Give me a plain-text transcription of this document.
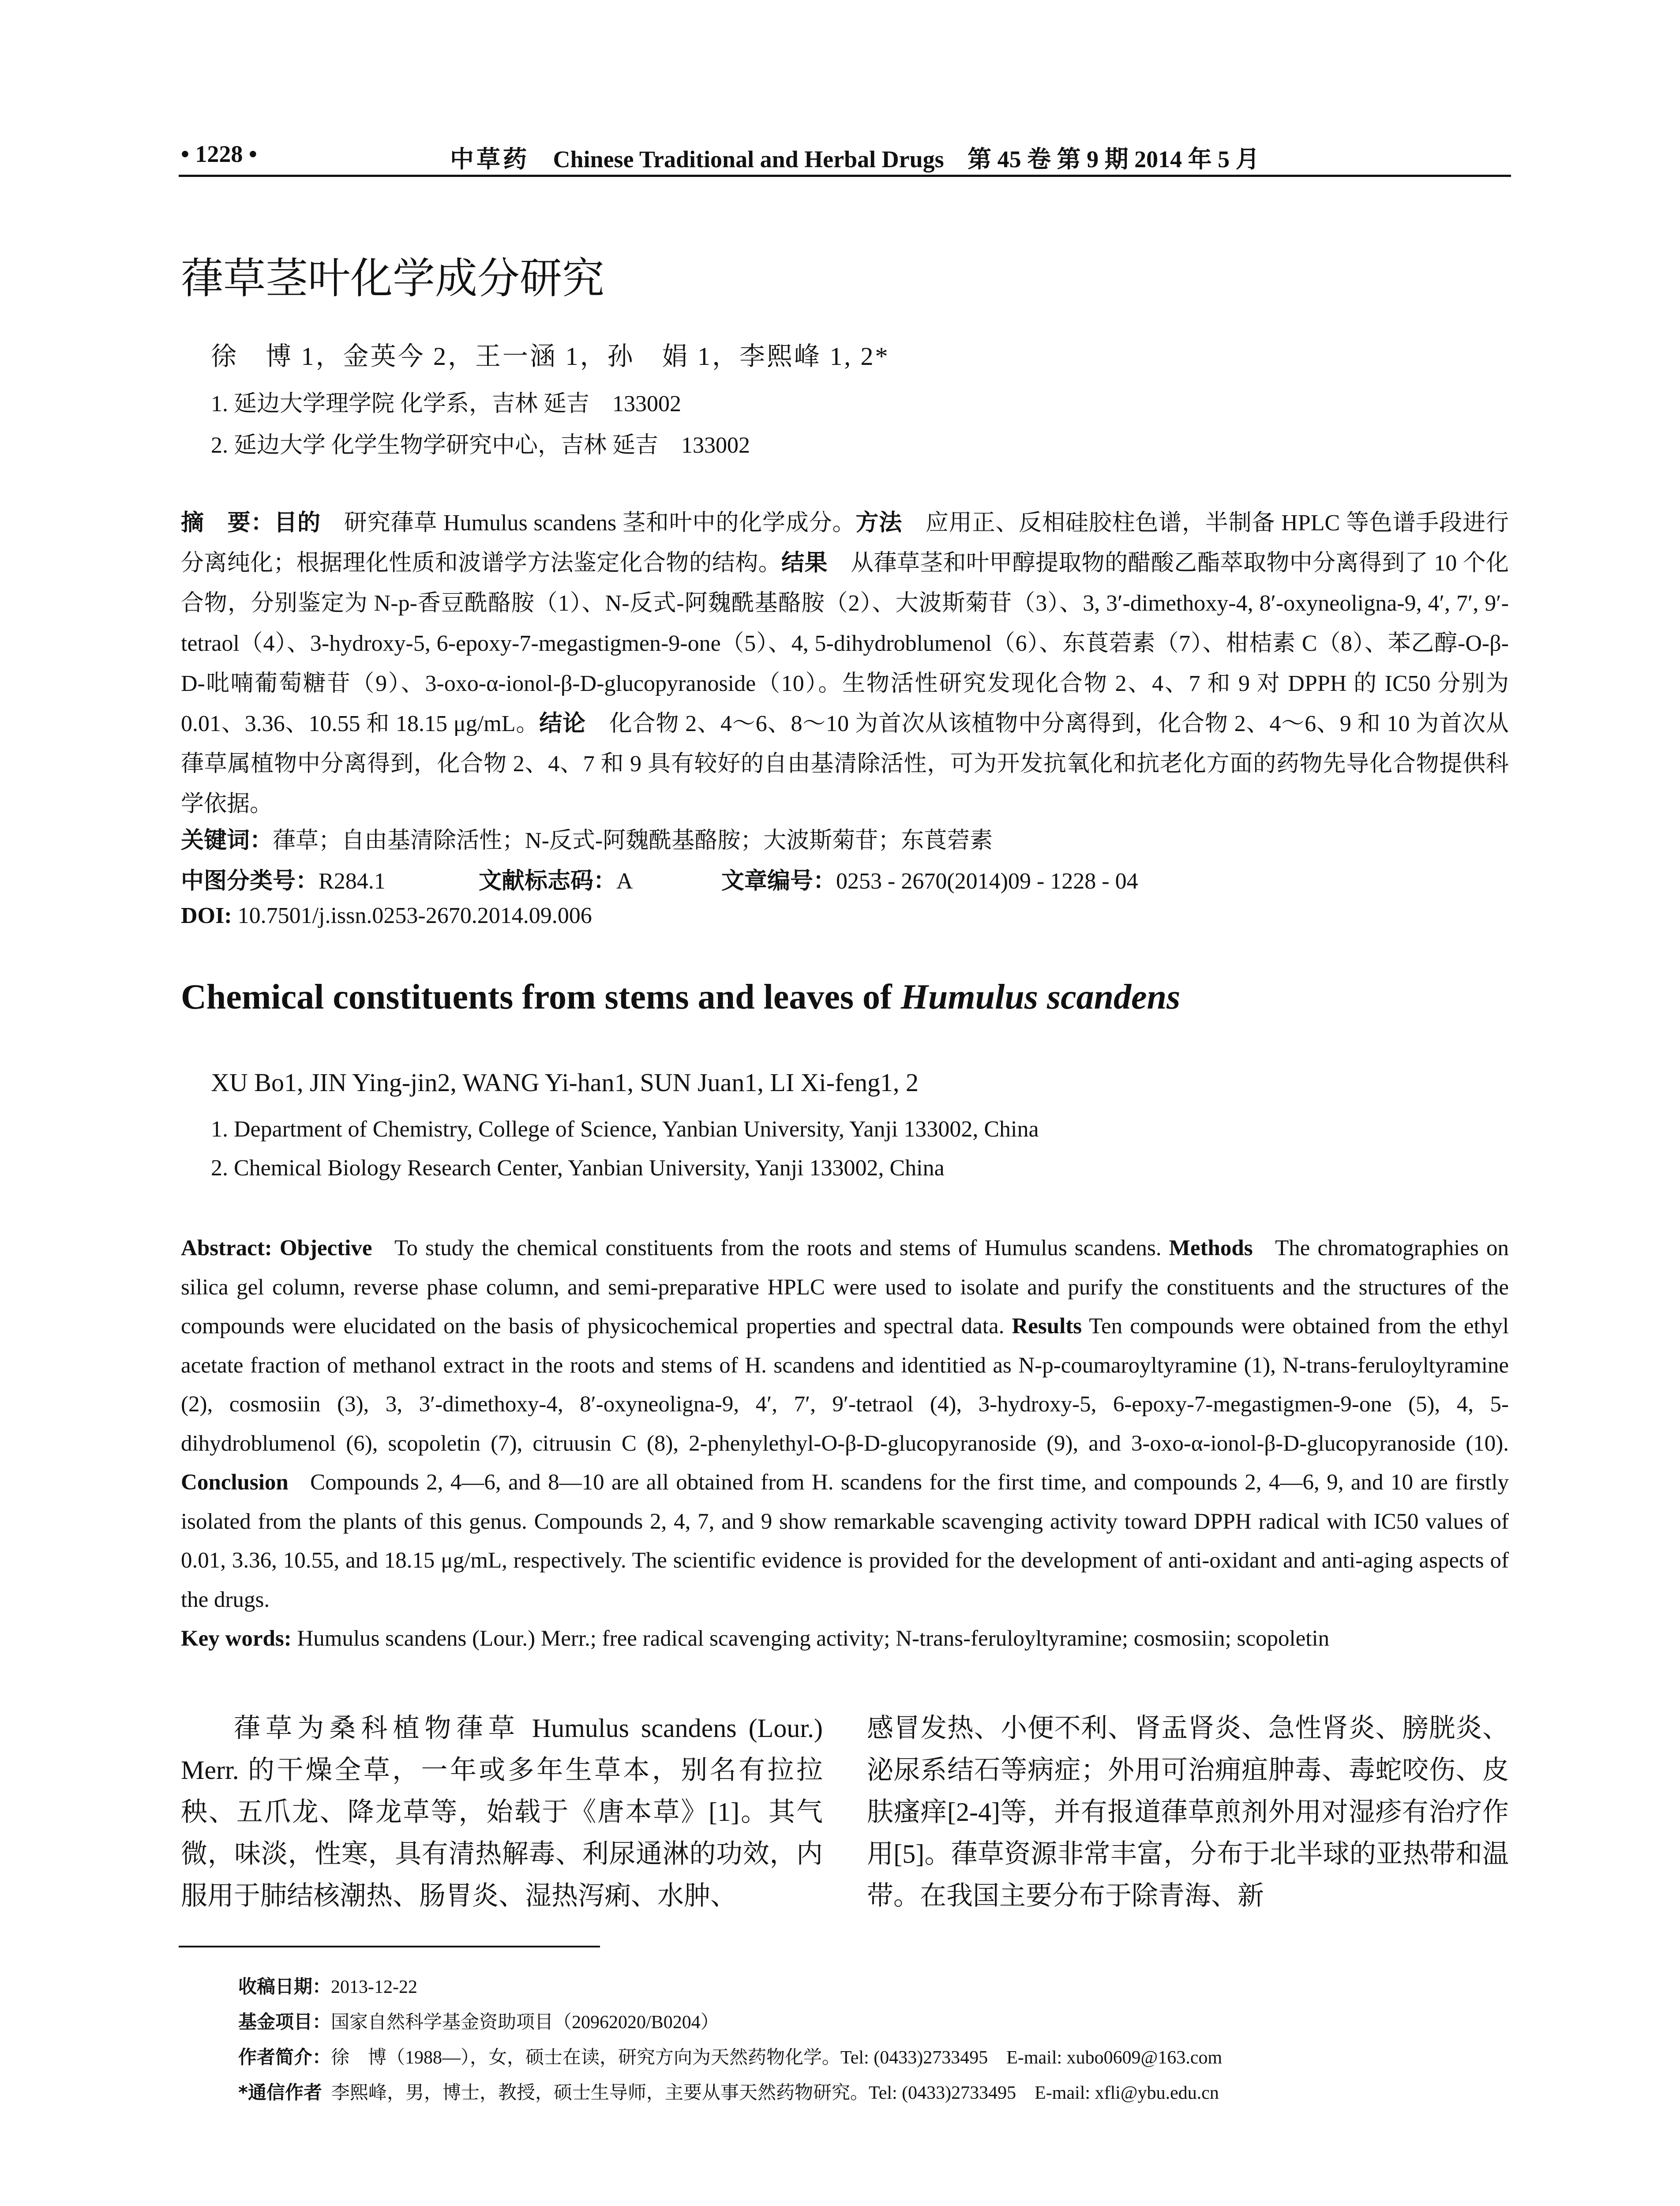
• 1228 •	中草药 Chinese Traditional and Herbal Drugs 第 45 卷 第 9 期 2014 年 5 月
葎草茎叶化学成分研究
徐　博 1，金英今 2，王一涵 1，孙　娟 1，李熙峰 1, 2*
1. 延边大学理学院 化学系，吉林 延吉　133002
2. 延边大学 化学生物学研究中心，吉林 延吉　133002
摘　要：目的　 研究葎草 Humulus scandens 茎和叶中的化学成分。方法　 应用正、反相硅胶柱色谱，半制备 HPLC 等色谱手段进行分离纯化；根据理化性质和波谱学方法鉴定化合物的结构。结果　 从葎草茎和叶甲醇提取物的醋酸乙酯萃取物中分离得到了 10 个化合物，分别鉴定为 N-p-香豆酰酪胺（1）、N-反式-阿魏酰基酪胺（2）、大波斯菊苷（3）、3, 3′-dimethoxy-4, 8′-oxyneoligna-9, 4′, 7′, 9′-tetraol（4）、3-hydroxy-5, 6-epoxy-7-megastigmen-9-one（5）、4, 5-dihydroblumenol（6）、东莨菪素（7）、柑桔素 C（8）、苯乙醇-O-β-D-吡喃葡萄糖苷（9）、3-oxo-α-ionol-β-D-glucopyranoside（10）。生物活性研究发现化合物 2、4、7 和 9 对 DPPH 的 IC50 分别为 0.01、3.36、10.55 和 18.15 μg/mL。结论　 化合物 2、4～6、8～10 为首次从该植物中分离得到，化合物 2、4～6、9 和 10 为首次从葎草属植物中分离得到，化合物 2、4、7 和 9 具有较好的自由基清除活性，可为开发抗氧化和抗老化方面的药物先导化合物提供科学依据。
关键词：葎草；自由基清除活性；N-反式-阿魏酰基酪胺；大波斯菊苷；东莨菪素
中图分类号：R284.1	文献标志码：A	文章编号：0253 - 2670(2014)09 - 1228 - 04
DOI: 10.7501/j.issn.0253-2670.2014.09.006
Chemical constituents from stems and leaves of Humulus scandens
XU Bo1, JIN Ying-jin2, WANG Yi-han1, SUN Juan1, LI Xi-feng1, 2
1. Department of Chemistry, College of Science, Yanbian University, Yanji 133002, China
2. Chemical Biology Research Center, Yanbian University, Yanji 133002, China
Abstract: Objective To study the chemical constituents from the roots and stems of Humulus scandens. Methods The chromatographies on silica gel column, reverse phase column, and semi-preparative HPLC were used to isolate and purify the constituents and the structures of the compounds were elucidated on the basis of physicochemical properties and spectral data. Results Ten compounds were obtained from the ethyl acetate fraction of methanol extract in the roots and stems of H. scandens and identitied as N-p-coumaroyltyramine (1), N-trans-feruloyltyramine (2), cosmosiin (3), 3, 3′-dimethoxy-4, 8′-oxyneoligna-9, 4′, 7′, 9′-tetraol (4), 3-hydroxy-5, 6-epoxy-7-megastigmen-9-one (5), 4, 5-dihydroblumenol (6), scopoletin (7), citruusin C (8), 2-phenylethyl-O-β-D-glucopyranoside (9), and 3-oxo-α-ionol-β-D-glucopyranoside (10). Conclusion Compounds 2, 4—6, and 8—10 are all obtained from H. scandens for the first time, and compounds 2, 4—6, 9, and 10 are firstly isolated from the plants of this genus. Compounds 2, 4, 7, and 9 show remarkable scavenging activity toward DPPH radical with IC50 values of 0.01, 3.36, 10.55, and 18.15 μg/mL, respectively. The scientific evidence is provided for the development of anti-oxidant and anti-aging aspects of the drugs.
Key words: Humulus scandens (Lour.) Merr.; free radical scavenging activity; N-trans-feruloyltyramine; cosmosiin; scopoletin

葎草为桑科植物葎草 Humulus scandens (Lour.) Merr. 的干燥全草，一年或多年生草本，别名有拉拉秧、五爪龙、降龙草等，始载于《唐本草》[1]。其气微，味淡，性寒，具有清热解毒、利尿通淋的功效，内服用于肺结核潮热、肠胃炎、湿热泻痢、水肿、

感冒发热、小便不利、肾盂肾炎、急性肾炎、膀胱炎、泌尿系结石等病症；外用可治痈疽肿毒、毒蛇咬伤、皮肤瘙痒[2-4]等，并有报道葎草煎剂外用对湿疹有治疗作用[5]。葎草资源非常丰富，分布于北半球的亚热带和温带。在我国主要分布于除青海、新

收稿日期：2013-12-22
基金项目：国家自然科学基金资助项目（20962020/B0204）
作者简介：徐　博（1988—），女，硕士在读，研究方向为天然药物化学。Tel: (0433)2733495　E-mail: xubo0609@163.com
*通信作者 李熙峰，男，博士，教授，硕士生导师，主要从事天然药物研究。Tel: (0433)2733495　E-mail: xfli@ybu.edu.cn
